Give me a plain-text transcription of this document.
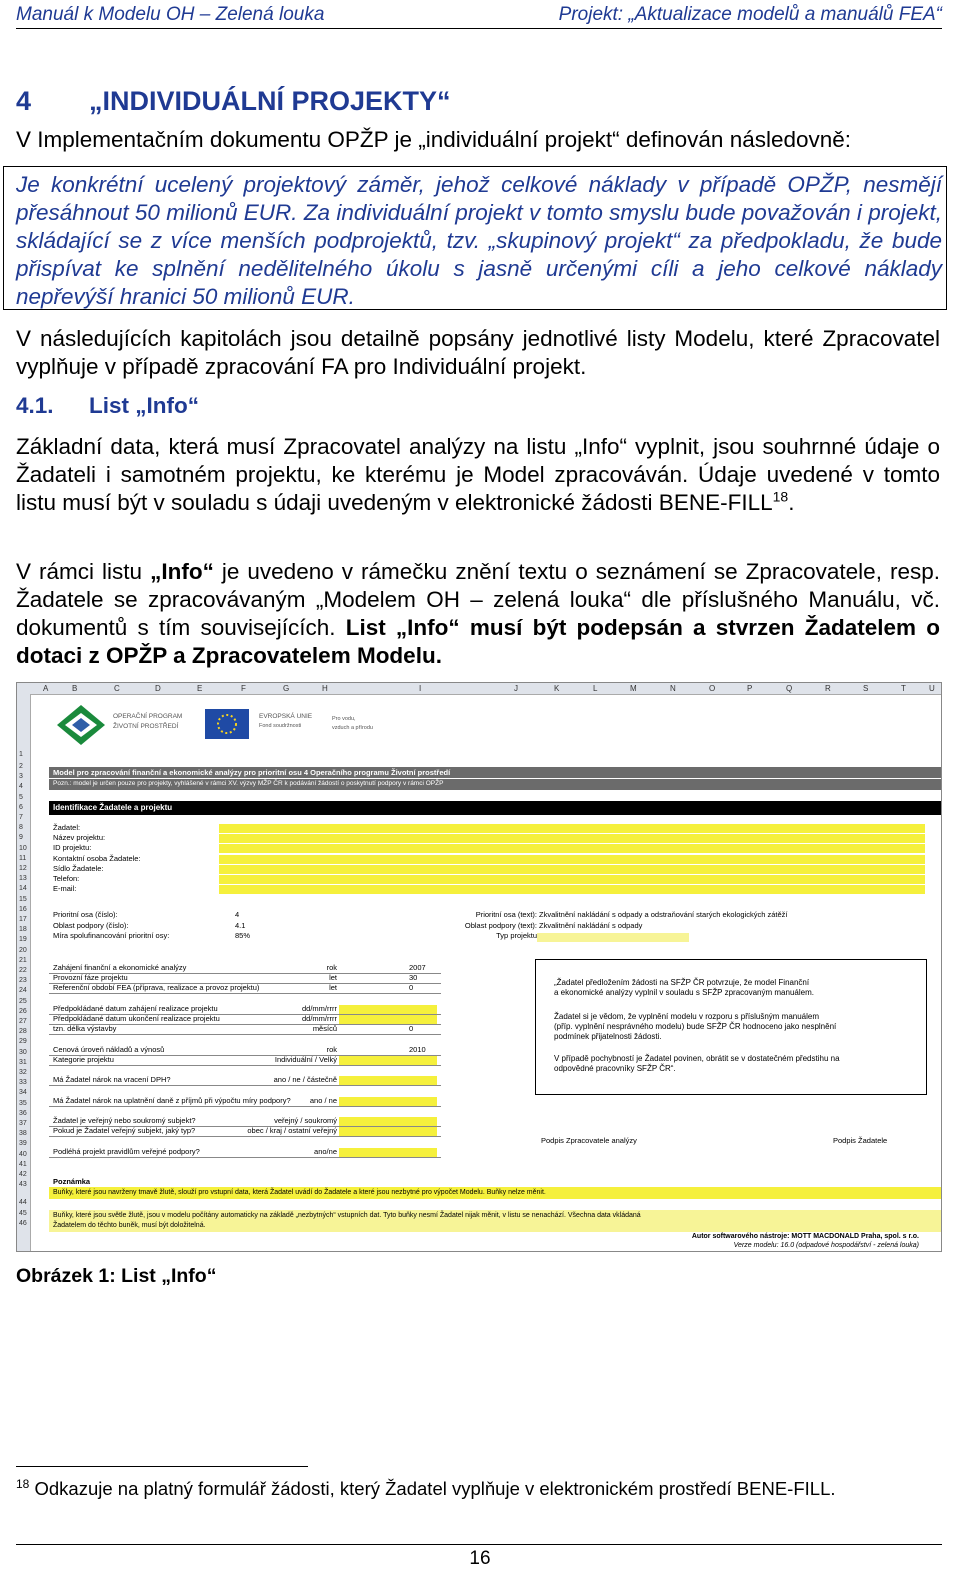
Manuál k Modelu OH – Zelená louka	Projekt: „Aktualizace modelů a manuálů FEA“
4 „INDIVIDUÁLNÍ PROJEKTY“

V Implementačním dokumentu OPŽP je „individuální projekt“ definován následovně:

Je konkrétní ucelený projektový záměr, jehož celkové náklady v případě OPŽP, nesmějí přesáhnout 50 milionů EUR. Za individuální projekt v tomto smyslu bude považován i projekt, skládající se z více menších podprojektů, tzv. „skupinový projekt“ za předpokladu, že bude přispívat ke splnění nedělitelného úkolu s jasně určenými cíli a jeho celkové náklady nepřevýší hranici 50 milionů EUR.

V následujících kapitolách jsou detailně popsány jednotlivé listy Modelu, které Zpracovatel vyplňuje v případě zpracování FA pro Individuální projekt.

4.1. List „Info“

Základní data, která musí Zpracovatel analýzy na listu „Info“ vyplnit, jsou souhrnné údaje o Žadateli i samotném projektu, ke kterému je Model zpracováván. Údaje uvedené v tomto listu musí být v souladu s údaji uvedeným v elektronické žádosti BENE-FILL$^{18}$.

V rámci listu „Info“ je uvedeno v rámečku znění textu o seznámení se Zpracovatele, resp. Žadatele se zpracovávaným „Modelem OH – zelená louka“ dle příslušného Manuálu, vč. dokumentů s tím souvisejících. List „Info“ musí být podepsán a stvrzen Žadatelem o dotaci z OPŽP a Zpracovatelem Modelu.

A	B	C	D	E	F	G	H	I	J	K	L	M	N	O	P	Q	R	S	T	U
1
2
3
4
5
6
7
8
9
10
11
12
13
14
15
16
17
18
19
20
21
22
23
24
25
26
27
28
29
30
31
32
33
34
35
36
37
38
39
40
41
42
43
44
45
46
OPERAČNÍ PROGRAM
ŽIVOTNÍ PROSTŘEDÍ
EVROPSKÁ UNIE
Fond soudržnosti
Pro vodu,
vzduch a přírodu
Model pro zpracování finanční a ekonomické analýzy pro prioritní osu 4 Operačního programu Životní prostředí
Pozn.: model je určen pouze pro projekty, vyhlášené v rámci XV. výzvy MŽP ČR k podávání žádostí o poskytnutí podpory v rámci OPŽP
Identifikace Žadatele a projektu
Žadatel:
Název projektu:
ID projektu:
Kontaktní osoba Žadatele:
Sídlo Žadatele:
Telefon:
E-mail:
Prioritní osa (číslo):	4
Oblast podpory (číslo):	4.1
Míra spolufinancování prioritní osy:	85%
Prioritní osa (text): Zkvalitnění nakládání s odpady a odstraňování starých ekologických zátěží
Oblast podpory (text): Zkvalitnění nakládání s odpady
Typ projektu
Zahájení finanční a ekonomické analýzy	rok	2007
Provozní fáze projektu	let	30
Referenční období FEA (příprava, realizace a provoz projektu)	let	0
Předpokládané datum zahájení realizace projektu	dd/mm/rrrr
Předpokládané datum ukončení realizace projektu	dd/mm/rrrr
tzn. délka výstavby	měsíců	0
Cenová úroveň nákladů a výnosů	rok	2010
Kategorie projektu	Individuální / Velký
Má Žadatel nárok na vracení DPH?	ano / ne / částečně
Má Žadatel nárok na uplatnění daně z příjmů při výpočtu míry podpory?	ano / ne
Žadatel je veřejný nebo soukromý subjekt?	veřejný / soukromý
Pokud je Žadatel veřejný subjekt, jaký typ?	obec / kraj / ostatní veřejný
Podléhá projekt pravidlům veřejné podpory?	ano/ne
„Žadatel předložením žádosti na SFŽP ČR potvrzuje, že model Finanční
a ekonomické analýzy vyplnil v souladu s SFŽP zpracovaným manuálem.
Žadatel si je vědom, že vyplnění modelu v rozporu s příslušným manuálem
(příp. vyplnění nesprávného modelu) bude SFŽP ČR hodnoceno jako nesplnění
podmínek přijatelnosti žádosti.
V případě pochybností je Žadatel povinen, obrátit se v dostatečném předstihu na
odpovědné pracovníky SFŽP ČR“.
Podpis Zpracovatele analýzy	Podpis Žadatele
Poznámka
Buňky, které jsou navrženy tmavě žlutě, slouží pro vstupní data, která Žadatel uvádí do Žadatele a které jsou nezbytné pro výpočet Modelu. Buňky nelze měnit.
Buňky, které jsou světle žlutě, jsou v modelu počítány automaticky na základě „nezbytných“ vstupních dat. Tyto buňky nesmí Žadatel nijak měnit, v listu se nenachází. Všechna data vkládaná
Žadatelem do těchto buněk, musí být doložitelná.
Autor softwarového nástroje: MOTT MACDONALD Praha, spol. s r.o.
Verze modelu: 16.0 (odpadové hospodářství - zelená louka)
Obrázek 1: List „Info“
$^{18}$ Odkazuje na platný formulář žádosti, který Žadatel vyplňuje v elektronickém prostředí BENE-FILL.
16
